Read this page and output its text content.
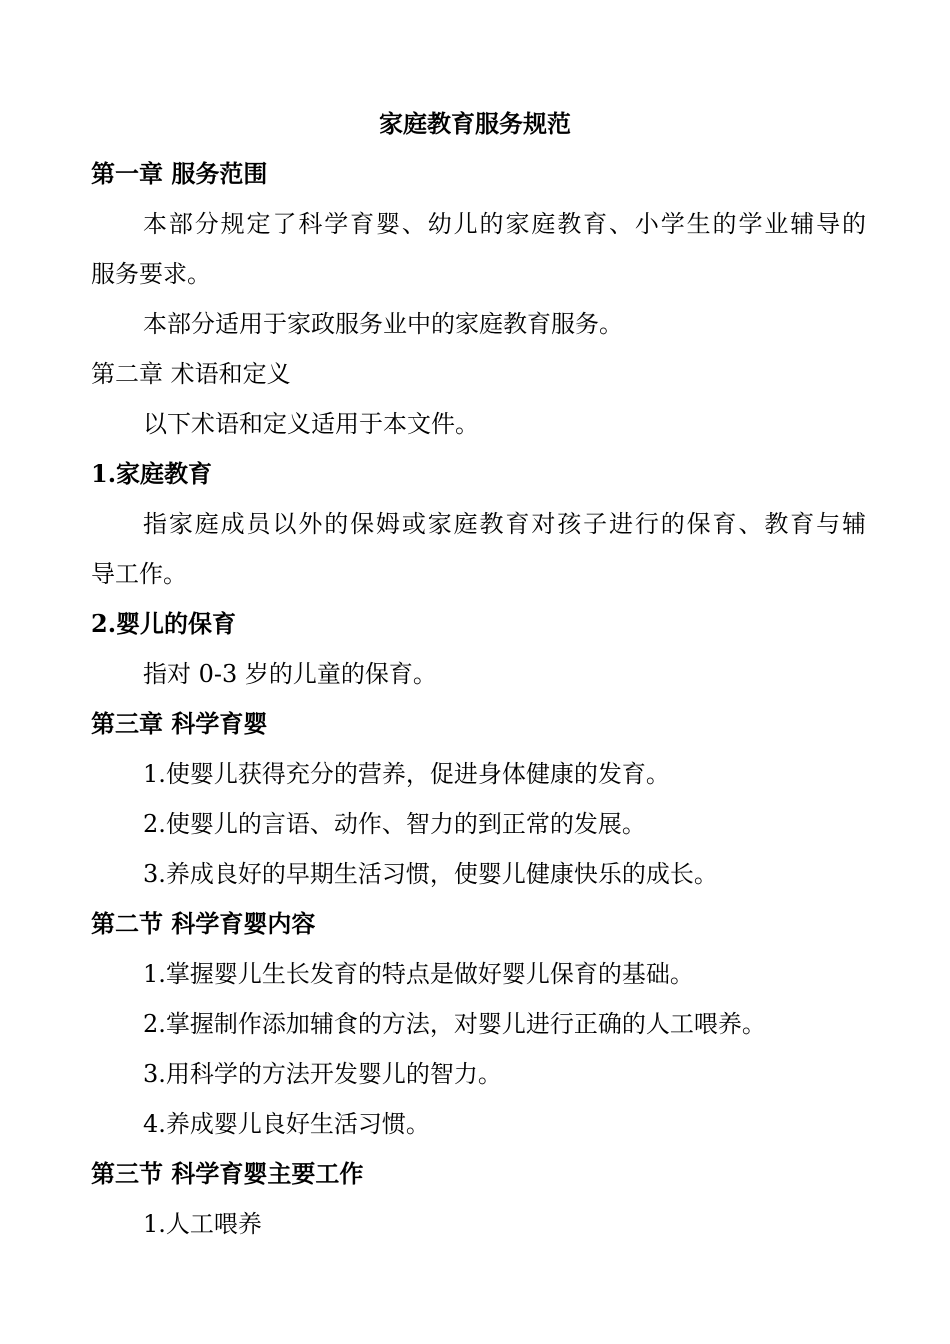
家庭教育服务规范

第一章 服务范围

本部分规定了科学育婴、幼儿的家庭教育、小学生的学业辅导的

服务要求。

本部分适用于家政服务业中的家庭教育服务。

第二章 术语和定义

以下术语和定义适用于本文件。

1.家庭教育

指家庭成员以外的保姆或家庭教育对孩子进行的保育、教育与辅

导工作。

2.婴儿的保育

指对 0-3 岁的儿童的保育。

第三章 科学育婴

1.使婴儿获得充分的营养，促进身体健康的发育。

2.使婴儿的言语、动作、智力的到正常的发展。

3.养成良好的早期生活习惯，使婴儿健康快乐的成长。

第二节 科学育婴内容

1.掌握婴儿生长发育的特点是做好婴儿保育的基础。

2.掌握制作添加辅食的方法，对婴儿进行正确的人工喂养。

3.用科学的方法开发婴儿的智力。

4.养成婴儿良好生活习惯。

第三节 科学育婴主要工作

1.人工喂养
